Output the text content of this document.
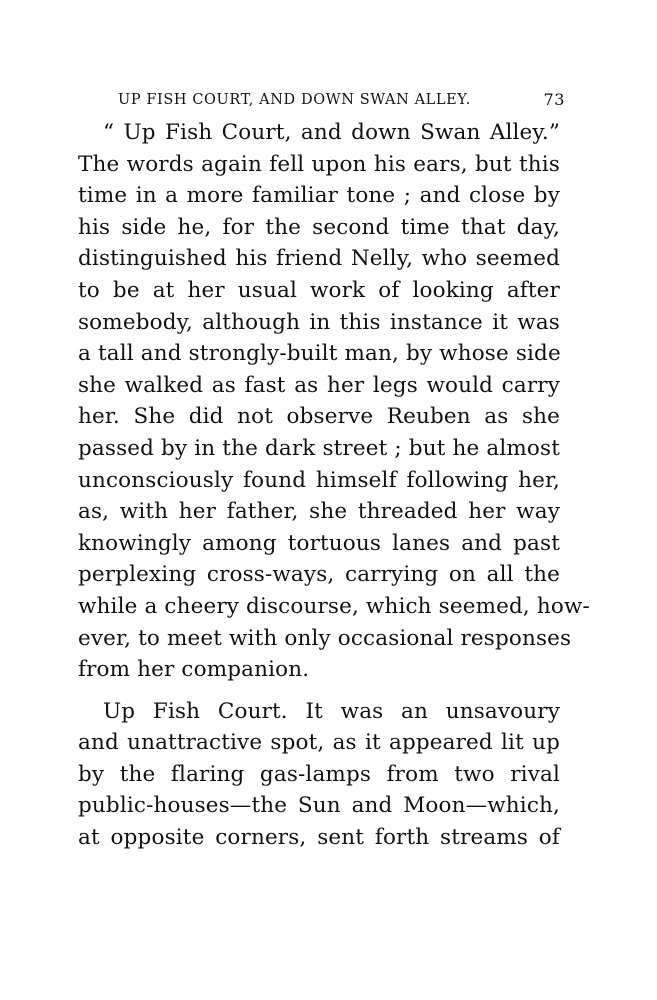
UP FISH COURT, AND DOWN SWAN ALLEY.	73
“ Up Fish Court, and down Swan Alley.”
The words again fell upon his ears, but this
time in a more familiar tone ; and close by
his side he, for the second time that day,
distinguished his friend Nelly, who seemed
to be at her usual work of looking after
somebody, although in this instance it was
a tall and strongly-built man, by whose side
she walked as fast as her legs would carry
her. She did not observe Reuben as she
passed by in the dark street ; but he almost
unconsciously found himself following her,
as, with her father, she threaded her way
knowingly among tortuous lanes and past
perplexing cross-ways, carrying on all the
while a cheery discourse, which seemed, how-
ever, to meet with only occasional responses
from her companion.
Up Fish Court. It was an unsavoury
and unattractive spot, as it appeared lit up
by the flaring gas-lamps from two rival
public-houses—the Sun and Moon—which,
at opposite corners, sent forth streams of
